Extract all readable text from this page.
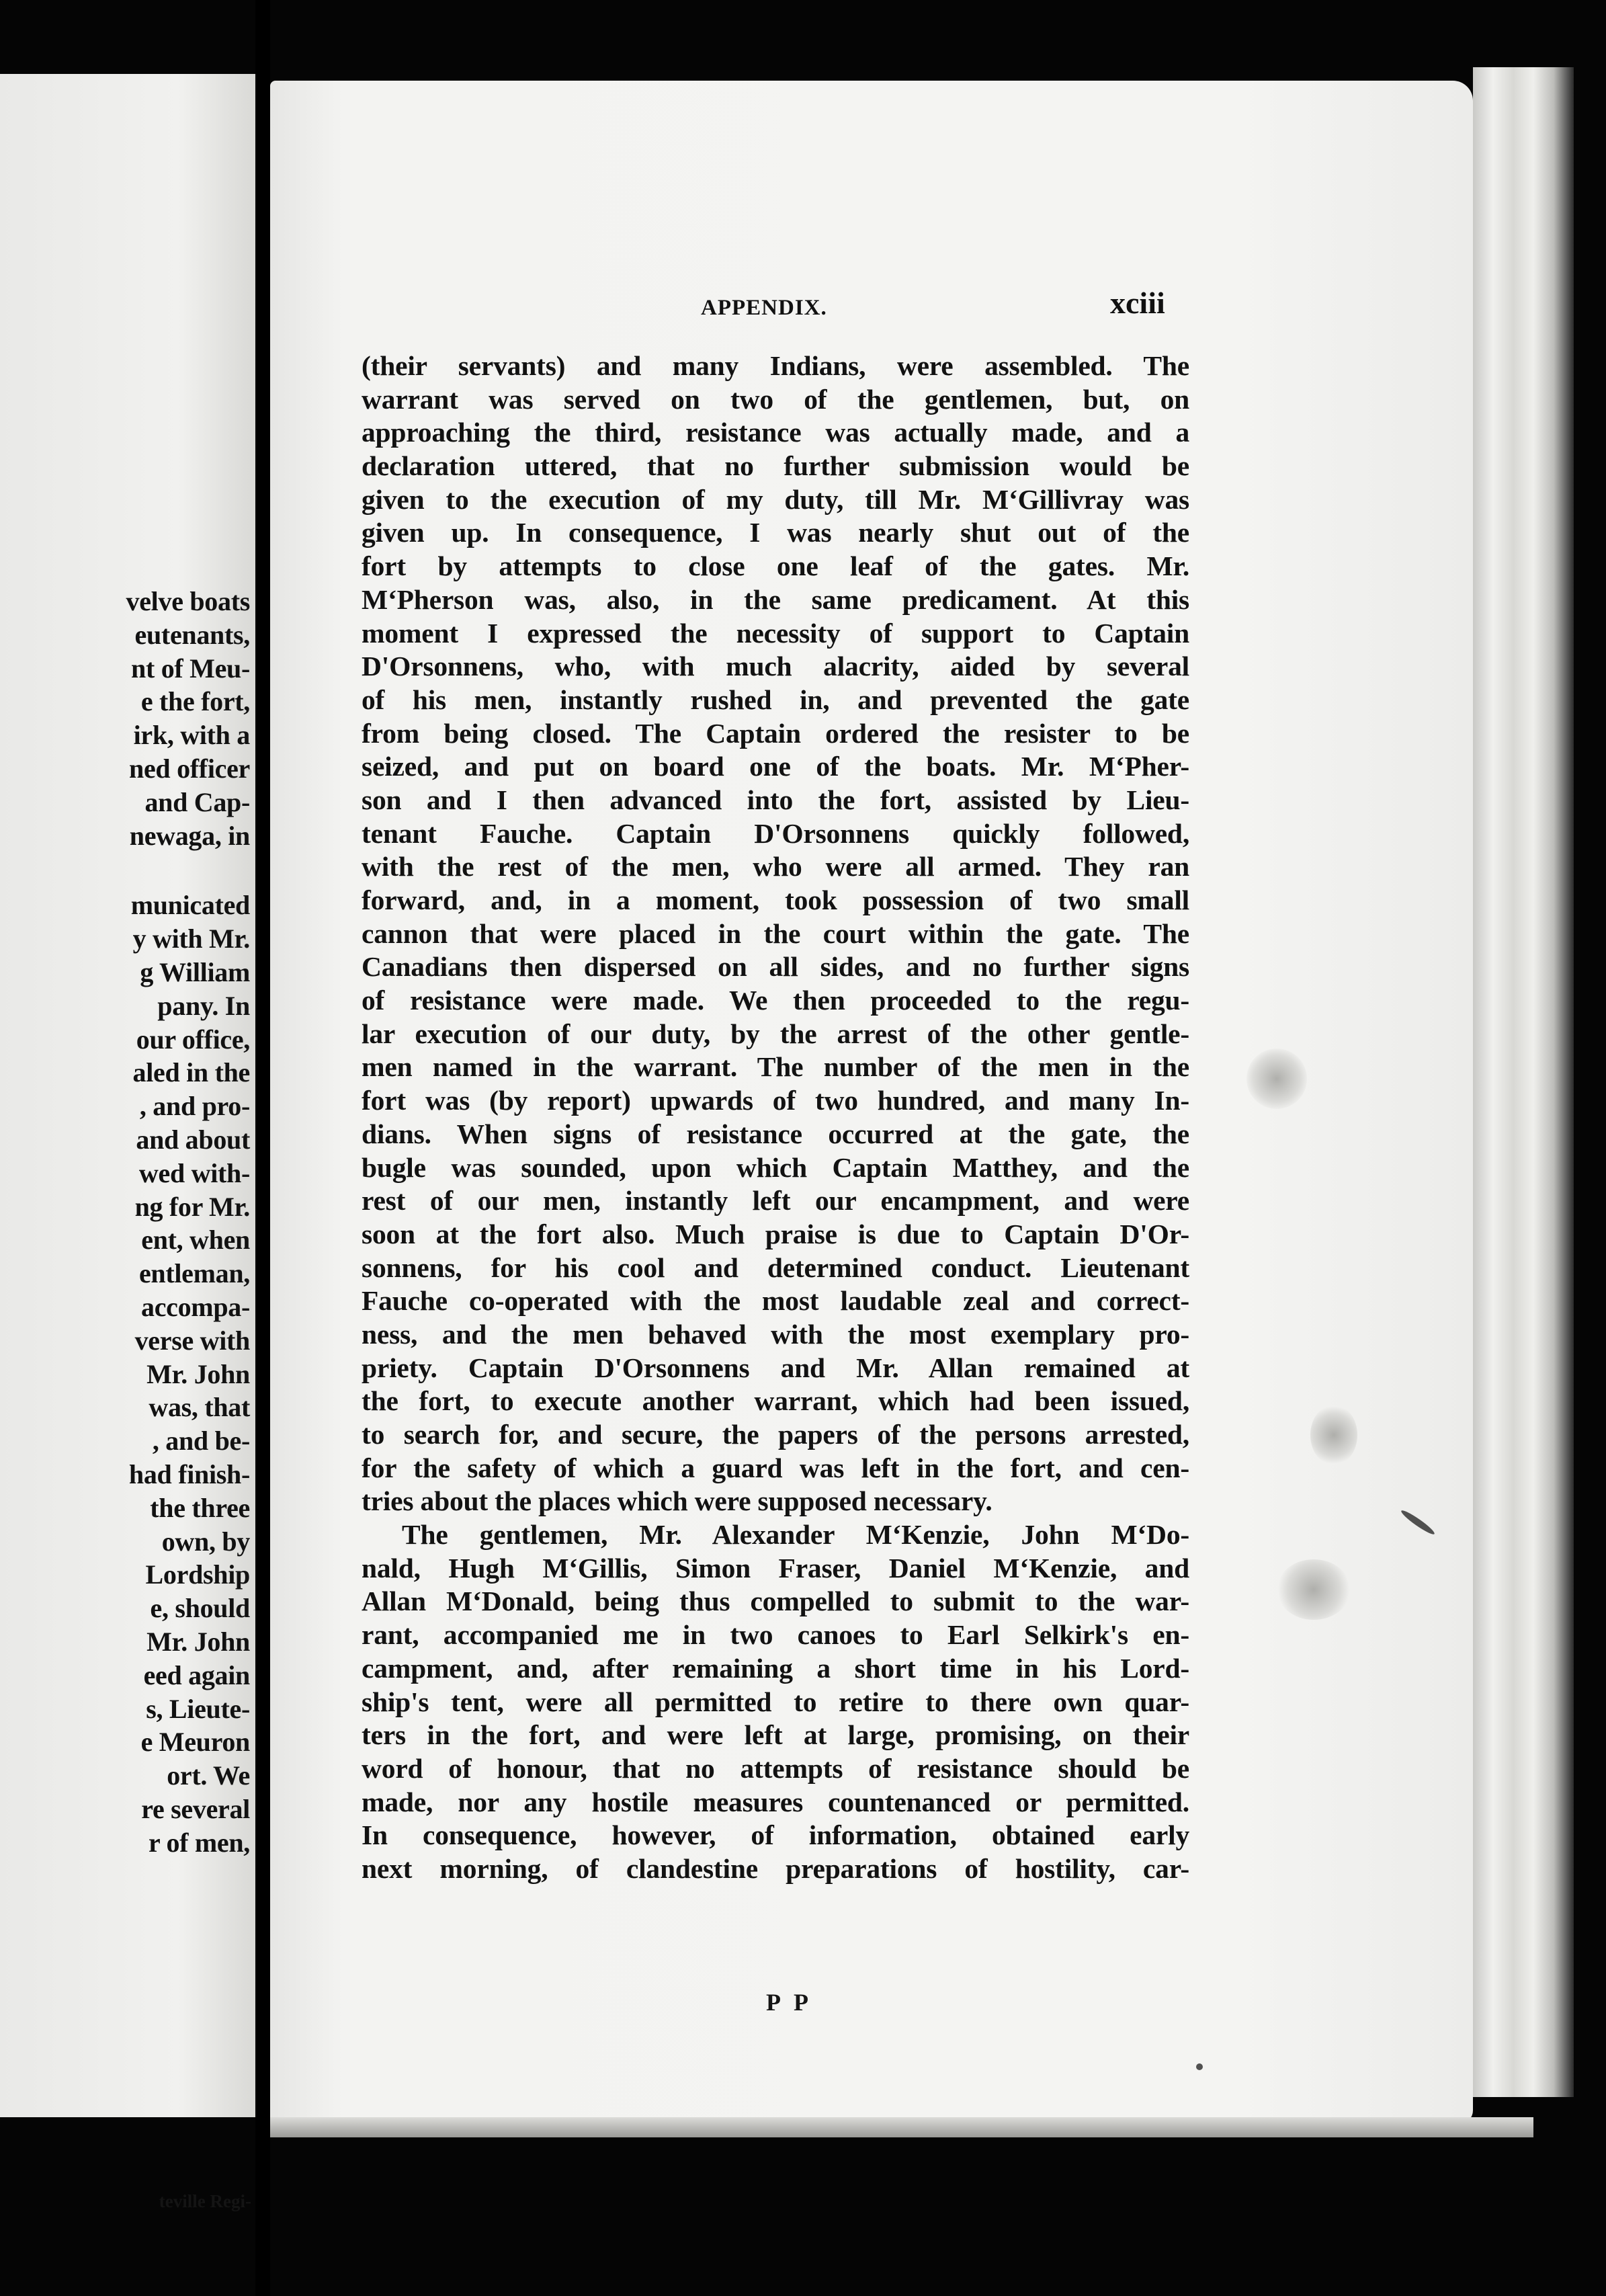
velve boats
eutenants,
nt of Meu-
e the fort,
irk, with a
ned officer
and Cap-
newaga, in
municated
y with Mr.
g William
pany. In
our office,
aled in the
, and pro-
and about
wed with-
ng for Mr.
ent, when
entleman,
accompa-
verse with
Mr. John
was, that
, and be-
had finish-
the three
own, by
Lordship
e, should
Mr. John
eed again
s, Lieute-
e Meuron
ort. We
re several
r of men,
teville Regi-
APPENDIX.	xciii
(their servants) and many Indians, were assembled. The
warrant was served on two of the gentlemen, but, on
approaching the third, resistance was actually made, and a
declaration uttered, that no further submission would be
given to the execution of my duty, till Mr. M‘Gillivray was
given up. In consequence, I was nearly shut out of the
fort by attempts to close one leaf of the gates. Mr.
M‘Pherson was, also, in the same predicament. At this
moment I expressed the necessity of support to Captain
D'Orsonnens, who, with much alacrity, aided by several
of his men, instantly rushed in, and prevented the gate
from being closed. The Captain ordered the resister to be
seized, and put on board one of the boats. Mr. M‘Pher-
son and I then advanced into the fort, assisted by Lieu-
tenant Fauche. Captain D'Orsonnens quickly followed,
with the rest of the men, who were all armed. They ran
forward, and, in a moment, took possession of two small
cannon that were placed in the court within the gate. The
Canadians then dispersed on all sides, and no further signs
of resistance were made. We then proceeded to the regu-
lar execution of our duty, by the arrest of the other gentle-
men named in the warrant. The number of the men in the
fort was (by report) upwards of two hundred, and many In-
dians. When signs of resistance occurred at the gate, the
bugle was sounded, upon which Captain Matthey, and the
rest of our men, instantly left our encampment, and were
soon at the fort also. Much praise is due to Captain D'Or-
sonnens, for his cool and determined conduct. Lieutenant
Fauche co-operated with the most laudable zeal and correct-
ness, and the men behaved with the most exemplary pro-
priety. Captain D'Orsonnens and Mr. Allan remained at
the fort, to execute another warrant, which had been issued,
to search for, and secure, the papers of the persons arrested,
for the safety of which a guard was left in the fort, and cen-
tries about the places which were supposed necessary.
The gentlemen, Mr. Alexander M‘Kenzie, John M‘Do-
nald, Hugh M‘Gillis, Simon Fraser, Daniel M‘Kenzie, and
Allan M‘Donald, being thus compelled to submit to the war-
rant, accompanied me in two canoes to Earl Selkirk's en-
campment, and, after remaining a short time in his Lord-
ship's tent, were all permitted to retire to there own quar-
ters in the fort, and were left at large, promising, on their
word of honour, that no attempts of resistance should be
made, nor any hostile measures countenanced or permitted.
In consequence, however, of information, obtained early
next morning, of clandestine preparations of hostility, car-
P P
